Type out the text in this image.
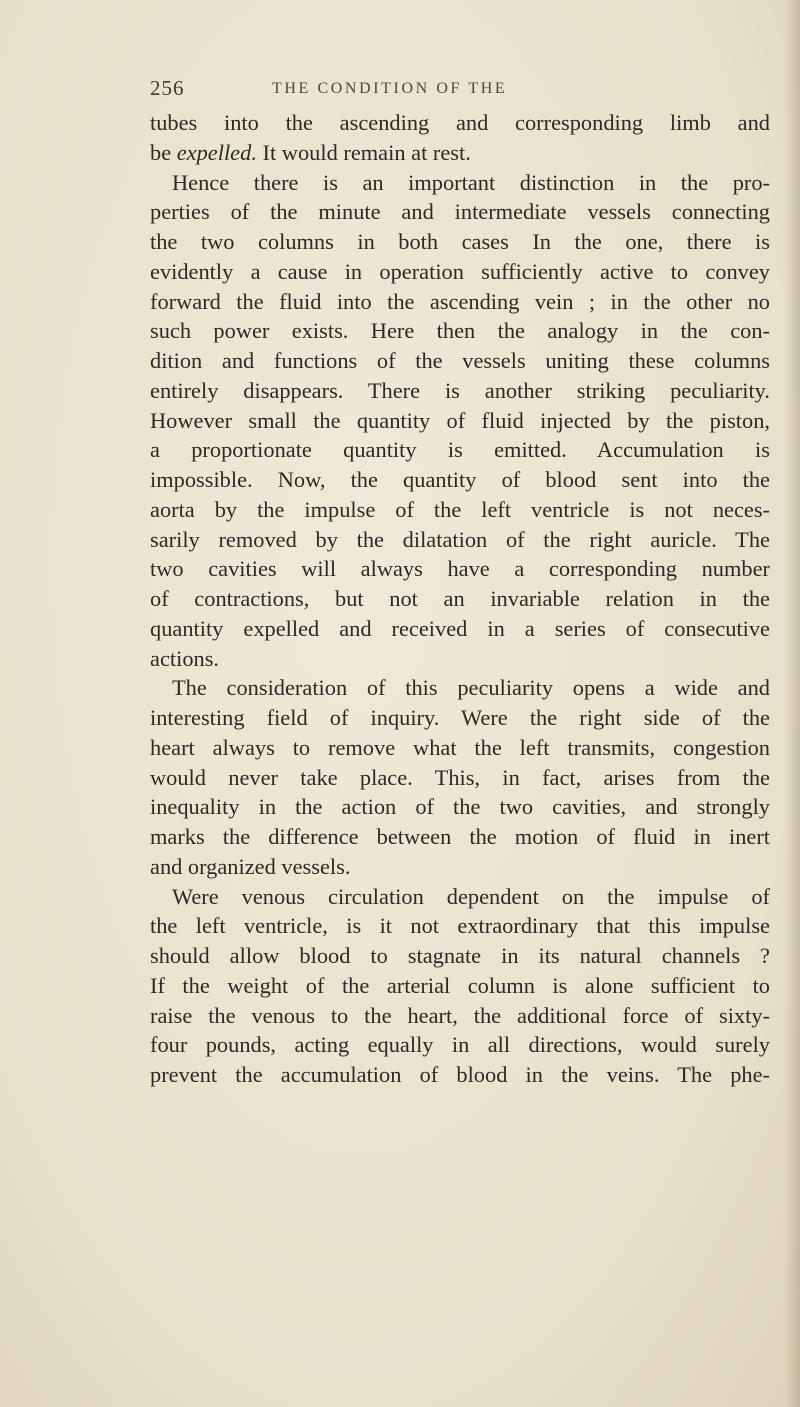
256	THE CONDITION OF THE
tubes into the ascending and corresponding limb and
be expelled. It would remain at rest.
Hence there is an important distinction in the pro-
perties of the minute and intermediate vessels connecting
the two columns in both cases In the one, there is
evidently a cause in operation sufficiently active to convey
forward the fluid into the ascending vein ; in the other no
such power exists. Here then the analogy in the con-
dition and functions of the vessels uniting these columns
entirely disappears. There is another striking peculiarity.
However small the quantity of fluid injected by the piston,
a proportionate quantity is emitted. Accumulation is
impossible. Now, the quantity of blood sent into the
aorta by the impulse of the left ventricle is not neces-
sarily removed by the dilatation of the right auricle. The
two cavities will always have a corresponding number
of contractions, but not an invariable relation in the
quantity expelled and received in a series of consecutive
actions.
The consideration of this peculiarity opens a wide and
interesting field of inquiry. Were the right side of the
heart always to remove what the left transmits, congestion
would never take place. This, in fact, arises from the
inequality in the action of the two cavities, and strongly
marks the difference between the motion of fluid in inert
and organized vessels.
Were venous circulation dependent on the impulse of
the left ventricle, is it not extraordinary that this impulse
should allow blood to stagnate in its natural channels ?
If the weight of the arterial column is alone sufficient to
raise the venous to the heart, the additional force of sixty-
four pounds, acting equally in all directions, would surely
prevent the accumulation of blood in the veins. The phe-
